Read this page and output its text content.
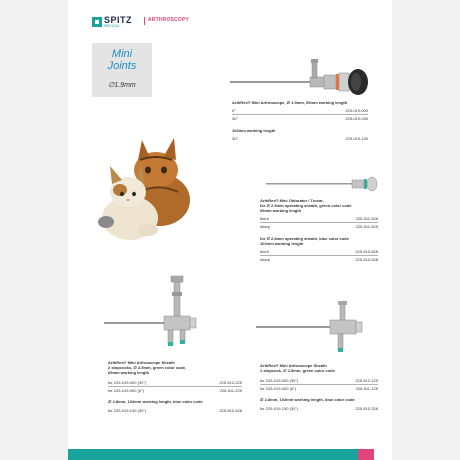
SPITZ
MEDICAL
ARTHROSCOPY
Mini
Joints
∅1.9mm
ArthRex® Mini Arthroscope, ∅ 1.9mm, 69mm working length
0°	225-019-000
30°	225-019-030
102mm working length
30°	225-019-130
ArthRex® Mini Obturator / Trocar,
for ∅ 2.5mm operating sheath, green color code
69mm working length
blunt	225-511-525
sharp	225-511-625
for ∅ 2.8mm operating sheath, blue color code
102mm working length
blunt	225-510-528
sharp	225-510-628
ArthRex® Mini Arthroscope Sheath
2 stopcocks, ∅ 2.5mm, green color code,
69mm working length
for 225-019-000 (30°)	225-512-225
for 225-019-000 (0°)	225-511-225
∅ 2.8mm, 102mm working length, blue color code
for 225-019-130 (30°)	225-510-428
ArthRex® Mini Arthroscope Sheath
1 stopcock, ∅ 2.5mm, green color code
for 225-019-000 (30°)	225-512-125
for 225-019-000 (0°)	225-511-125
∅ 2.8mm, 102mm working length, blue color code
for 225-019-130 (30°)	225-510-328
